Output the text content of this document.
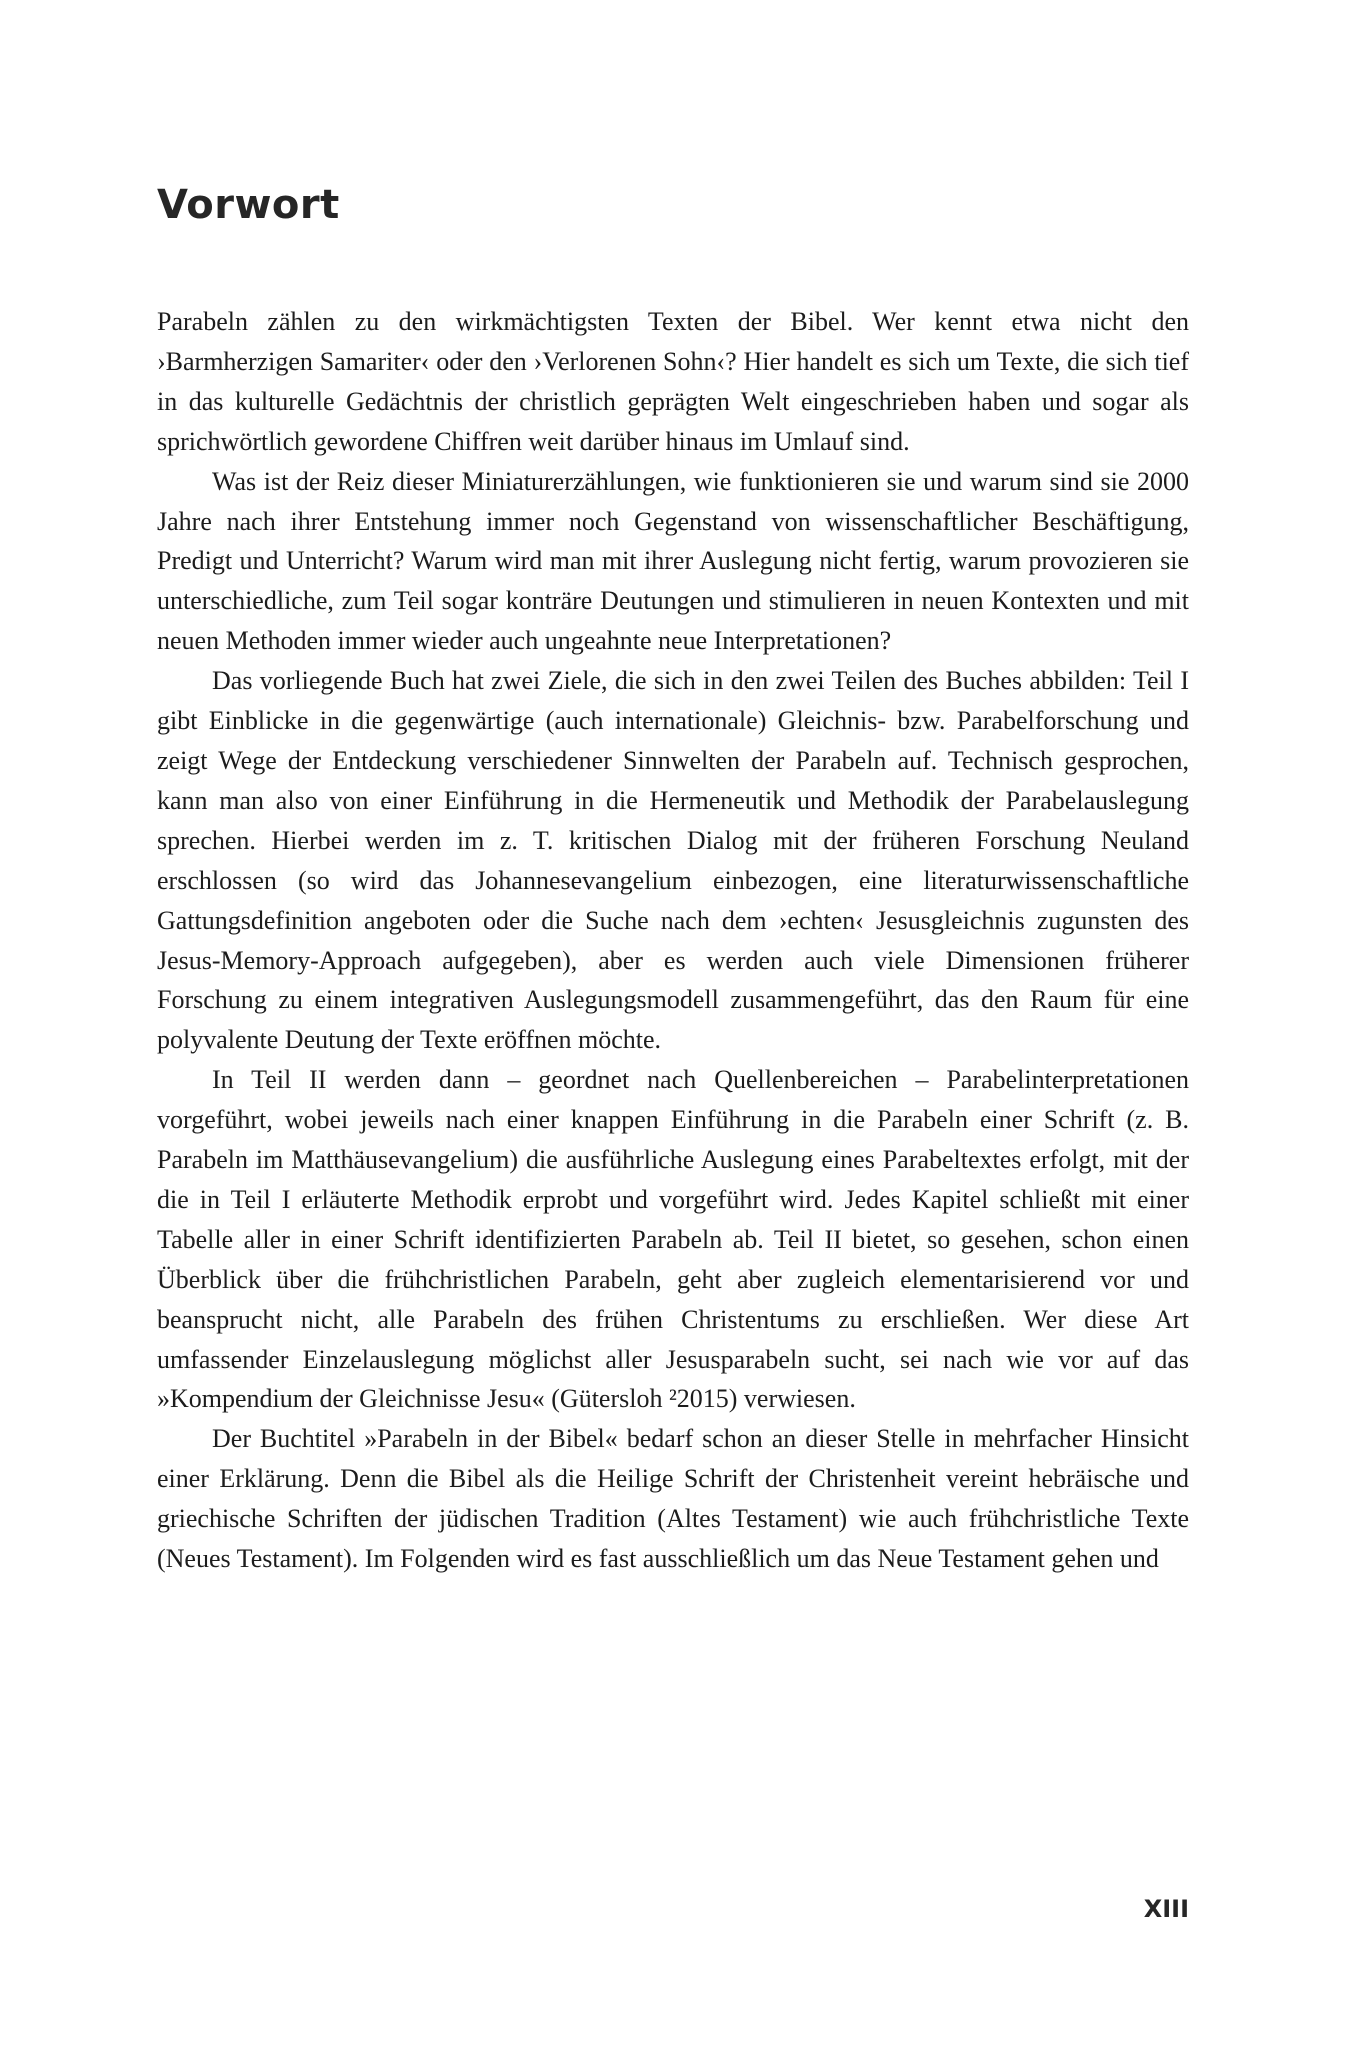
Vorwort

Parabeln zählen zu den wirkmächtigsten Texten der Bibel. Wer kennt etwa nicht den ›Barmherzigen Samariter‹ oder den ›Verlorenen Sohn‹? Hier handelt es sich um Texte, die sich tief in das kulturelle Gedächtnis der christlich geprägten Welt eingeschrieben haben und sogar als sprichwörtlich gewordene Chiffren weit darüber hinaus im Umlauf sind.

Was ist der Reiz dieser Miniaturerzählungen, wie funktionieren sie und warum sind sie 2000 Jahre nach ihrer Entstehung immer noch Gegenstand von wissenschaftlicher Beschäftigung, Predigt und Unterricht? Warum wird man mit ihrer Auslegung nicht fertig, warum provozieren sie unterschiedliche, zum Teil sogar konträre Deutungen und stimulieren in neuen Kontexten und mit neuen Methoden immer wieder auch ungeahnte neue Interpretationen?

Das vorliegende Buch hat zwei Ziele, die sich in den zwei Teilen des Buches abbilden: Teil I gibt Einblicke in die gegenwärtige (auch internationale) Gleichnis- bzw. Parabelforschung und zeigt Wege der Entdeckung verschiedener Sinnwelten der Parabeln auf. Technisch gesprochen, kann man also von einer Einführung in die Hermeneutik und Methodik der Parabelauslegung sprechen. Hierbei werden im z. T. kritischen Dialog mit der früheren Forschung Neuland erschlossen (so wird das Johannesevangelium einbezogen, eine literaturwissenschaftliche Gattungsdefinition angeboten oder die Suche nach dem ›echten‹ Jesusgleichnis zugunsten des Jesus-Memory-Approach aufgegeben), aber es werden auch viele Dimensionen früherer Forschung zu einem integrativen Auslegungsmodell zusammengeführt, das den Raum für eine polyvalente Deutung der Texte eröffnen möchte.

In Teil II werden dann – geordnet nach Quellenbereichen – Parabelinterpretationen vorgeführt, wobei jeweils nach einer knappen Einführung in die Parabeln einer Schrift (z. B. Parabeln im Matthäusevangelium) die ausführliche Auslegung eines Parabeltextes erfolgt, mit der die in Teil I erläuterte Methodik erprobt und vorgeführt wird. Jedes Kapitel schließt mit einer Tabelle aller in einer Schrift identifizierten Parabeln ab. Teil II bietet, so gesehen, schon einen Überblick über die frühchristlichen Parabeln, geht aber zugleich elementarisierend vor und beansprucht nicht, alle Parabeln des frühen Christentums zu erschließen. Wer diese Art umfassender Einzelauslegung möglichst aller Jesusparabeln sucht, sei nach wie vor auf das »Kompendium der Gleichnisse Jesu« (Gütersloh ²2015) verwiesen.

Der Buchtitel »Parabeln in der Bibel« bedarf schon an dieser Stelle in mehrfacher Hinsicht einer Erklärung. Denn die Bibel als die Heilige Schrift der Christenheit vereint hebräische und griechische Schriften der jüdischen Tradition (Altes Testament) wie auch frühchristliche Texte (Neues Testament). Im Folgenden wird es fast ausschließlich um das Neue Testament gehen und

XIII
